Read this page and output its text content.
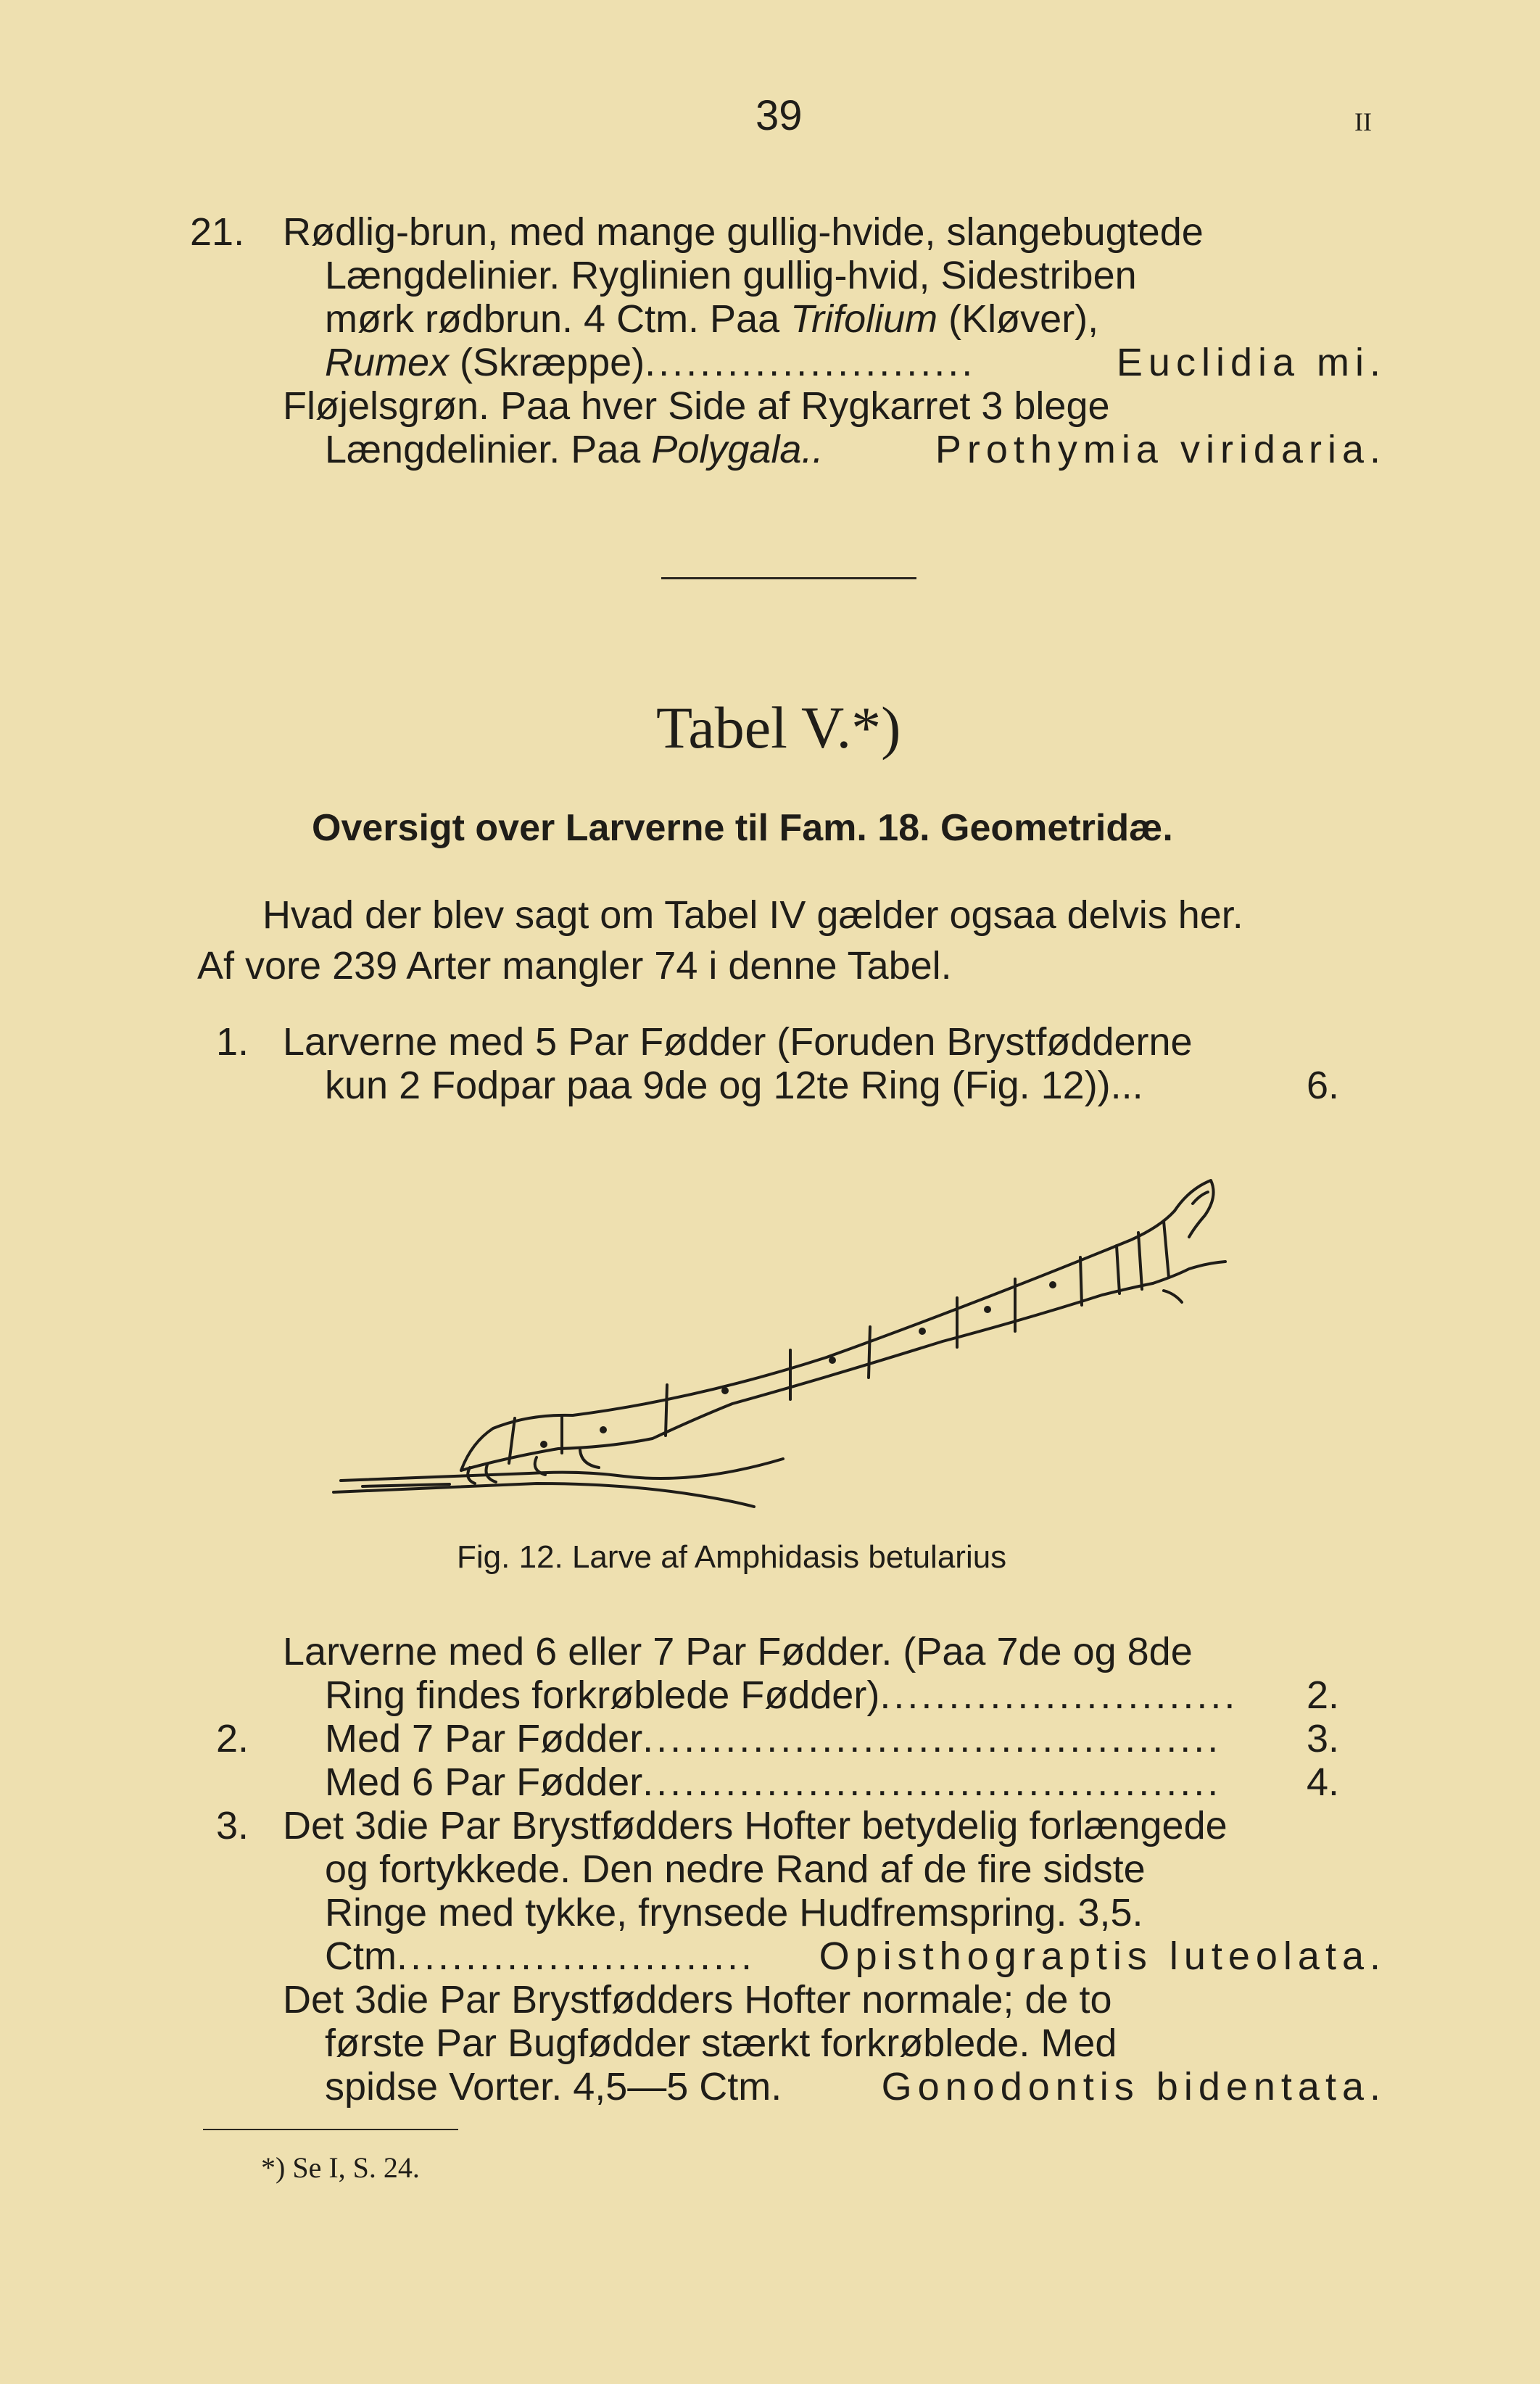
39	II
21. Rødlig-brun, med mange gullig-hvide, slangebugtede
Længdelinier. Ryglinien gullig-hvid, Sidestriben
mørk rødbrun. 4 Ctm. Paa Trifolium (Kløver),
Rumex (Skræppe)........................	Euclidia mi.
Fløjelsgrøn. Paa hver Side af Rygkarret 3 blege
Længdelinier. Paa Polygala..	Prothymia viridaria.
Tabel V.*)
Oversigt over Larverne til Fam. 18. Geometridæ.
Hvad der blev sagt om Tabel IV gælder ogsaa delvis her.
Af vore 239 Arter mangler 74 i denne Tabel.
1. Larverne med 5 Par Fødder (Foruden Brystfødderne
kun 2 Fodpar paa 9de og 12te Ring (Fig. 12))...	6.
Fig. 12. Larve af Amphidasis betularius
Larverne med 6 eller 7 Par Fødder. (Paa 7de og 8de
Ring findes forkrøblede Fødder).......................... 2.
2. Med 7 Par Fødder..........................................	3.
Med 6 Par Fødder..........................................	4.
3. Det 3die Par Brystfødders Hofter betydelig forlængede
og fortykkede. Den nedre Rand af de fire sidste
Ringe med tykke, frynsede Hudfremspring. 3,5.
Ctm.......................... Opisthograptis luteolata.
Det 3die Par Brystfødders Hofter normale; de to
første Par Bugfødder stærkt forkrøblede. Med
spidse Vorter. 4,5—5 Ctm.	Gonodontis bidentata.
*) Se I, S. 24.
